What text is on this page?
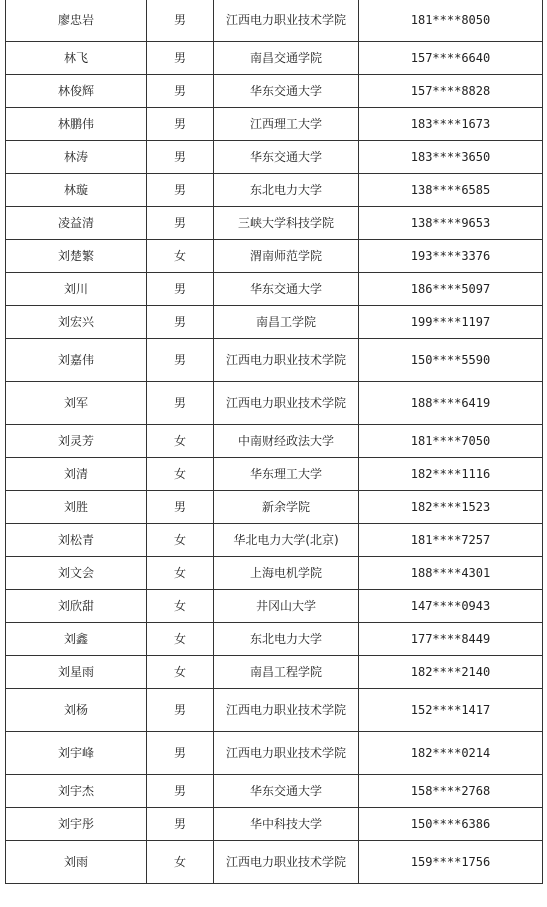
廖忠岩	男	江西电力职业技术学院	181****8050
林飞	男	南昌交通学院	157****6640
林俊辉	男	华东交通大学	157****8828
林鹏伟	男	江西理工大学	183****1673
林涛	男	华东交通大学	183****3650
林璇	男	东北电力大学	138****6585
凌益清	男	三峡大学科技学院	138****9653
刘楚繁	女	渭南师范学院	193****3376
刘川	男	华东交通大学	186****5097
刘宏兴	男	南昌工学院	199****1197
刘嘉伟	男	江西电力职业技术学院	150****5590
刘军	男	江西电力职业技术学院	188****6419
刘灵芳	女	中南财经政法大学	181****7050
刘清	女	华东理工大学	182****1116
刘胜	男	新余学院	182****1523
刘松青	女	华北电力大学(北京)	181****7257
刘文会	女	上海电机学院	188****4301
刘欣甜	女	井冈山大学	147****0943
刘鑫	女	东北电力大学	177****8449
刘星雨	女	南昌工程学院	182****2140
刘杨	男	江西电力职业技术学院	152****1417
刘宇峰	男	江西电力职业技术学院	182****0214
刘宇杰	男	华东交通大学	158****2768
刘宇彤	男	华中科技大学	150****6386
刘雨	女	江西电力职业技术学院	159****1756
